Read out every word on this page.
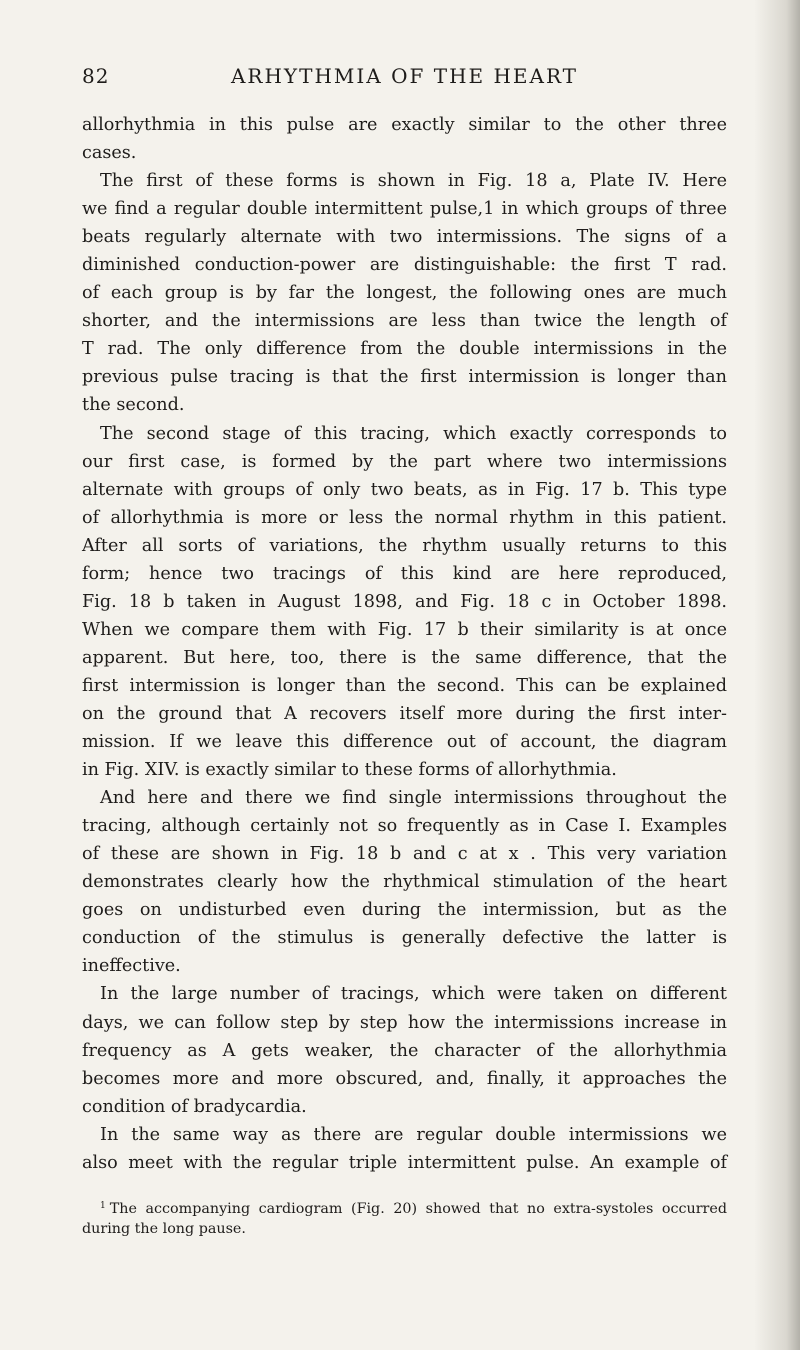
82	ARHYTHMIA OF THE HEART
allorhythmia in this pulse are exactly similar to the other three
cases.
The first of these forms is shown in Fig. 18 a, Plate IV. Here
we find a regular double intermittent pulse,1 in which groups of three
beats regularly alternate with two intermissions. The signs of a
diminished conduction-power are distinguishable: the first T rad.
of each group is by far the longest, the following ones are much
shorter, and the intermissions are less than twice the length of
T rad. The only difference from the double intermissions in the
previous pulse tracing is that the first intermission is longer than
the second.
The second stage of this tracing, which exactly corresponds to
our first case, is formed by the part where two intermissions
alternate with groups of only two beats, as in Fig. 17 b. This type
of allorhythmia is more or less the normal rhythm in this patient.
After all sorts of variations, the rhythm usually returns to this
form; hence two tracings of this kind are here reproduced,
Fig. 18 b taken in August 1898, and Fig. 18 c in October 1898.
When we compare them with Fig. 17 b their similarity is at once
apparent. But here, too, there is the same difference, that the
first intermission is longer than the second. This can be explained
on the ground that A recovers itself more during the first inter-
mission. If we leave this difference out of account, the diagram
in Fig. XIV. is exactly similar to these forms of allorhythmia.
And here and there we find single intermissions throughout the
tracing, although certainly not so frequently as in Case I. Examples
of these are shown in Fig. 18 b and c at x . This very variation
demonstrates clearly how the rhythmical stimulation of the heart
goes on undisturbed even during the intermission, but as the
conduction of the stimulus is generally defective the latter is
ineffective.
In the large number of tracings, which were taken on different
days, we can follow step by step how the intermissions increase in
frequency as A gets weaker, the character of the allorhythmia
becomes more and more obscured, and, finally, it approaches the
condition of bradycardia.
In the same way as there are regular double intermissions we
also meet with the regular triple intermittent pulse. An example of
$^1$ The accompanying cardiogram (Fig. 20) showed that no extra-systoles occurred
during the long pause.
